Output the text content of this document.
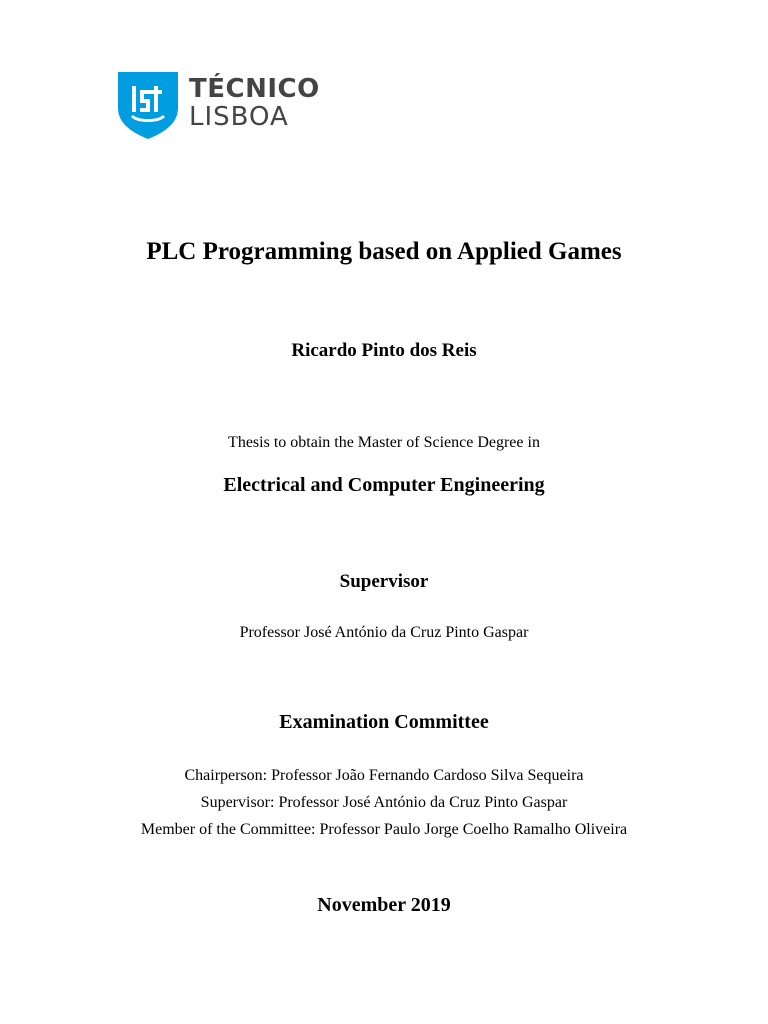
TÉCNICO
LISBOA
PLC Programming based on Applied Games
Ricardo Pinto dos Reis
Thesis to obtain the Master of Science Degree in
Electrical and Computer Engineering
Supervisor
Professor José António da Cruz Pinto Gaspar
Examination Committee
Chairperson: Professor João Fernando Cardoso Silva Sequeira
Supervisor: Professor José António da Cruz Pinto Gaspar
Member of the Committee: Professor Paulo Jorge Coelho Ramalho Oliveira
November 2019
